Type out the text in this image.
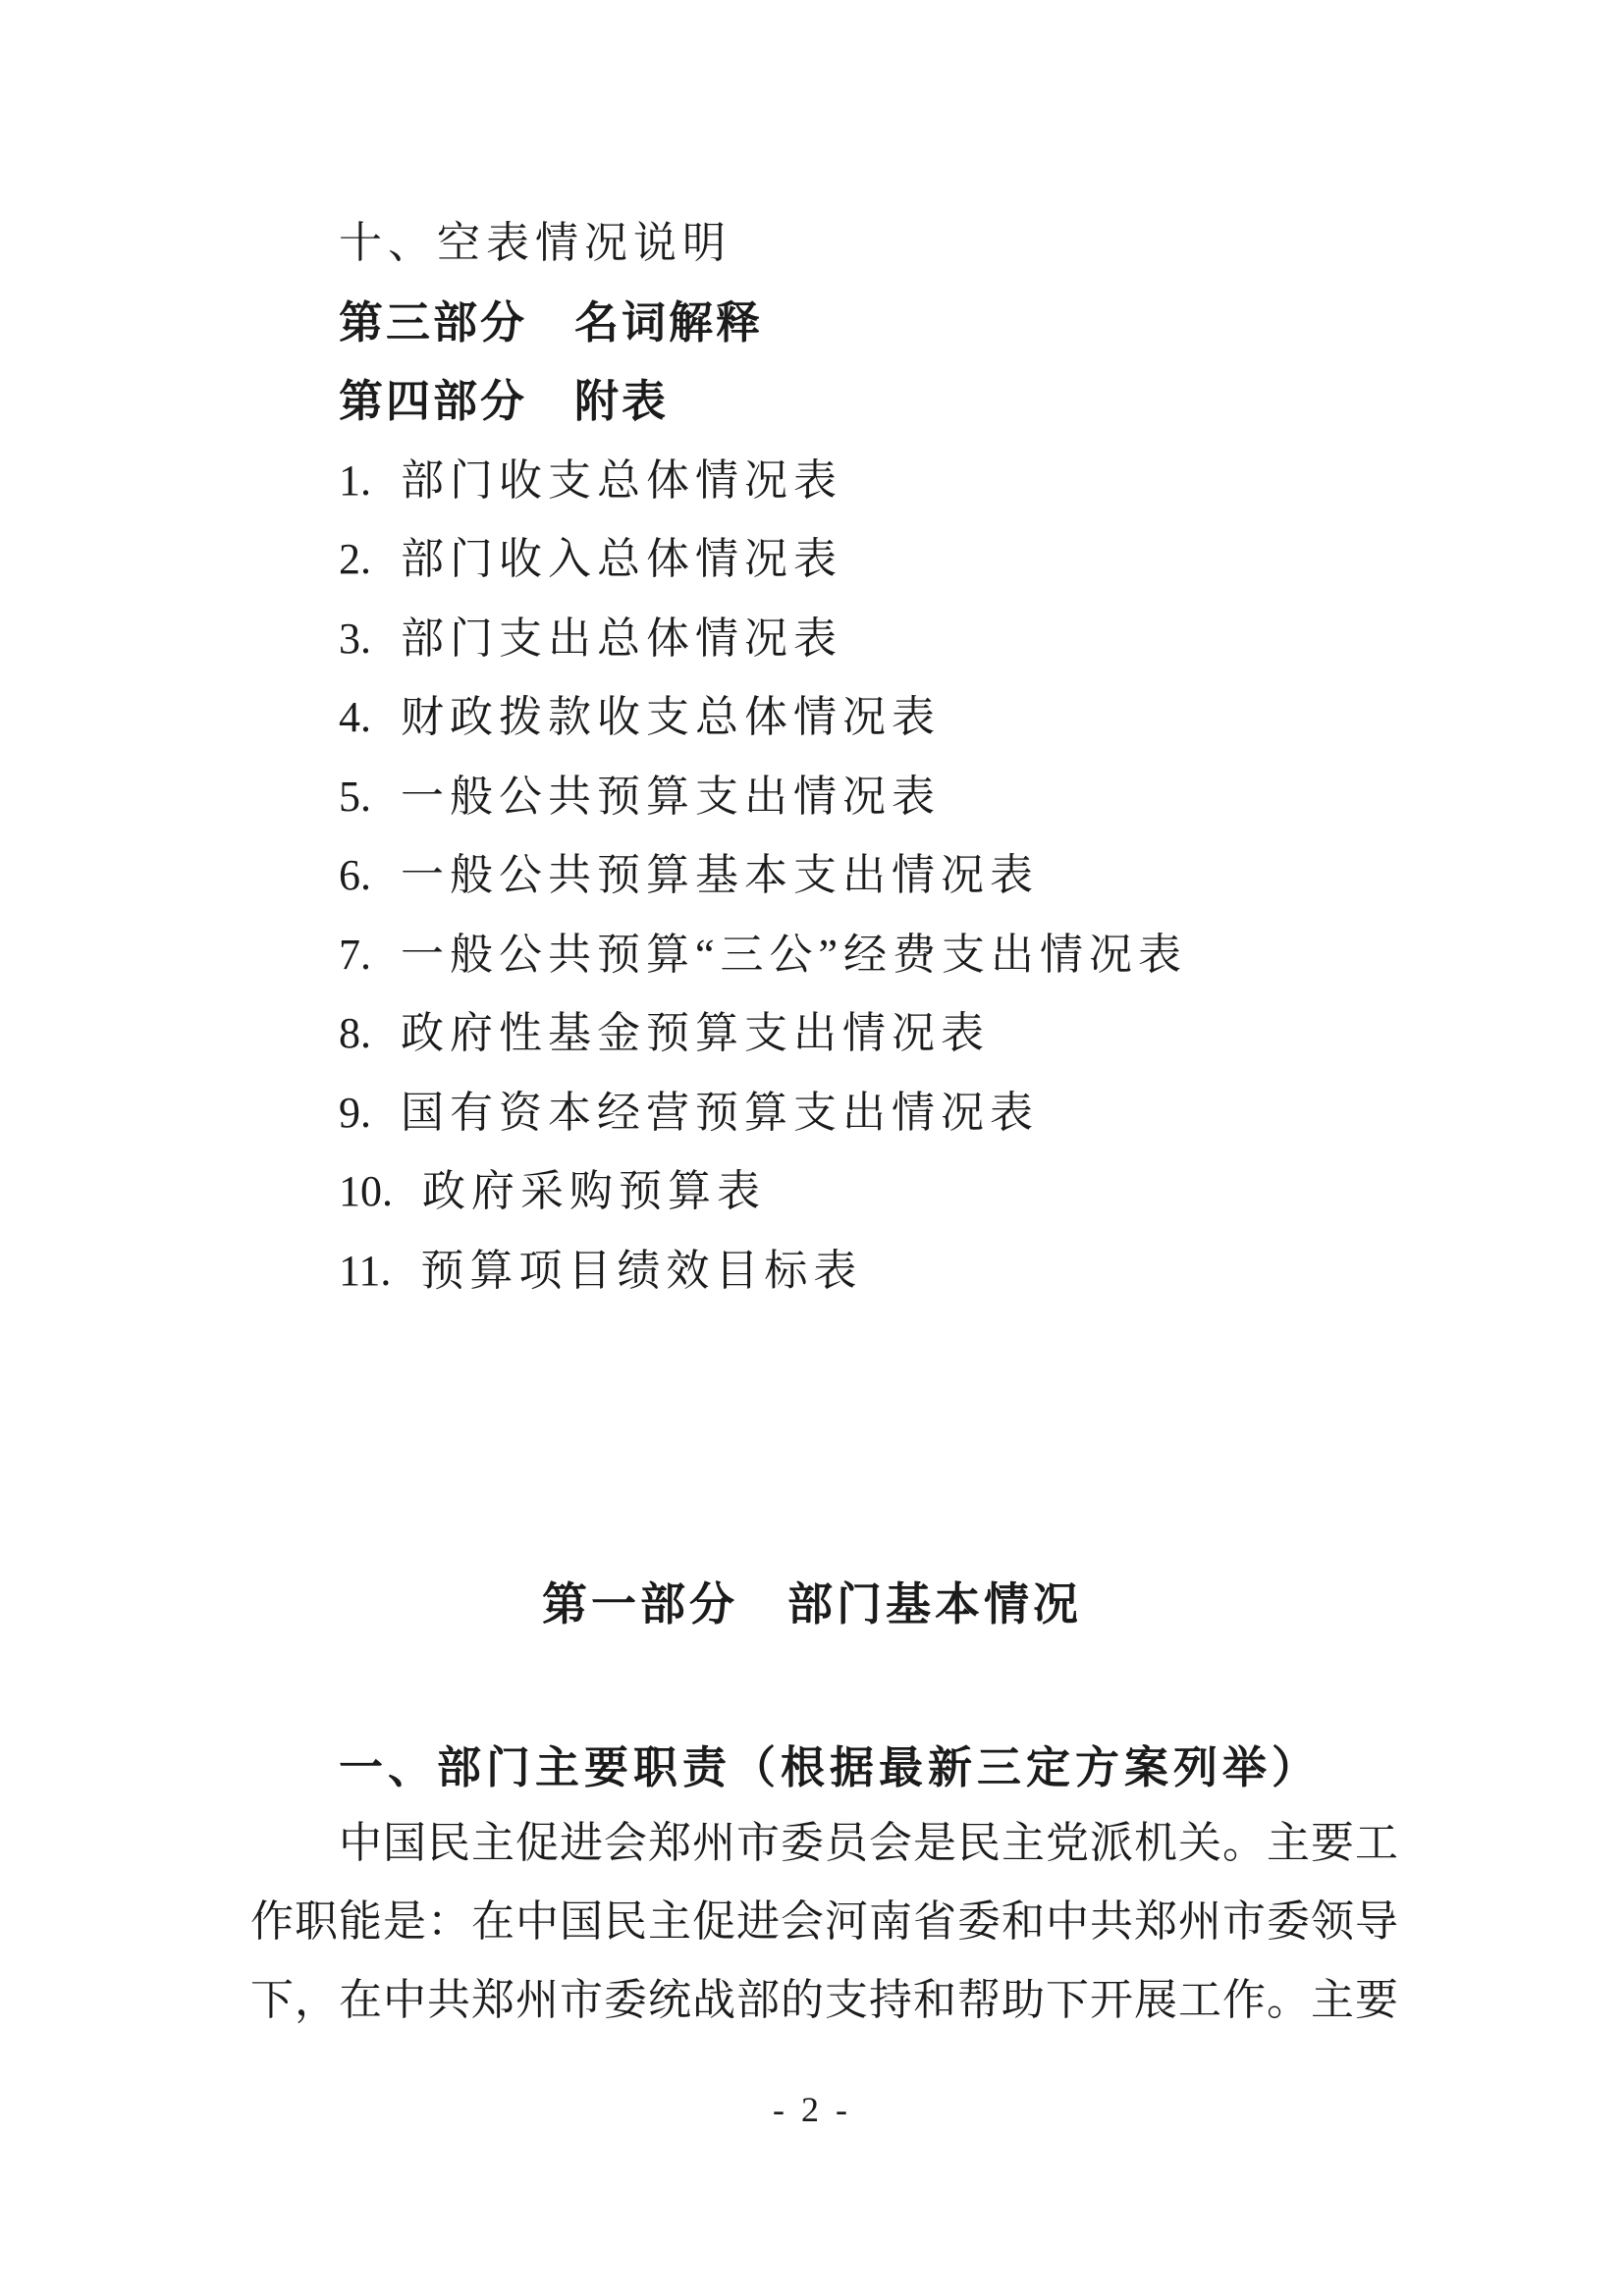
十、空表情况说明
第三部分　名词解释
第四部分　附表
1. 部门收支总体情况表
2. 部门收入总体情况表
3. 部门支出总体情况表
4. 财政拨款收支总体情况表
5. 一般公共预算支出情况表
6. 一般公共预算基本支出情况表
7. 一般公共预算“三公”经费支出情况表
8. 政府性基金预算支出情况表
9. 国有资本经营预算支出情况表
10. 政府采购预算表
11. 预算项目绩效目标表
第一部分　部门基本情况
一、部门主要职责（根据最新三定方案列举）
中国民主促进会郑州市委员会是民主党派机关。主要工
作职能是：在中国民主促进会河南省委和中共郑州市委领导
下，在中共郑州市委统战部的支持和帮助下开展工作。主要
- 2 -
